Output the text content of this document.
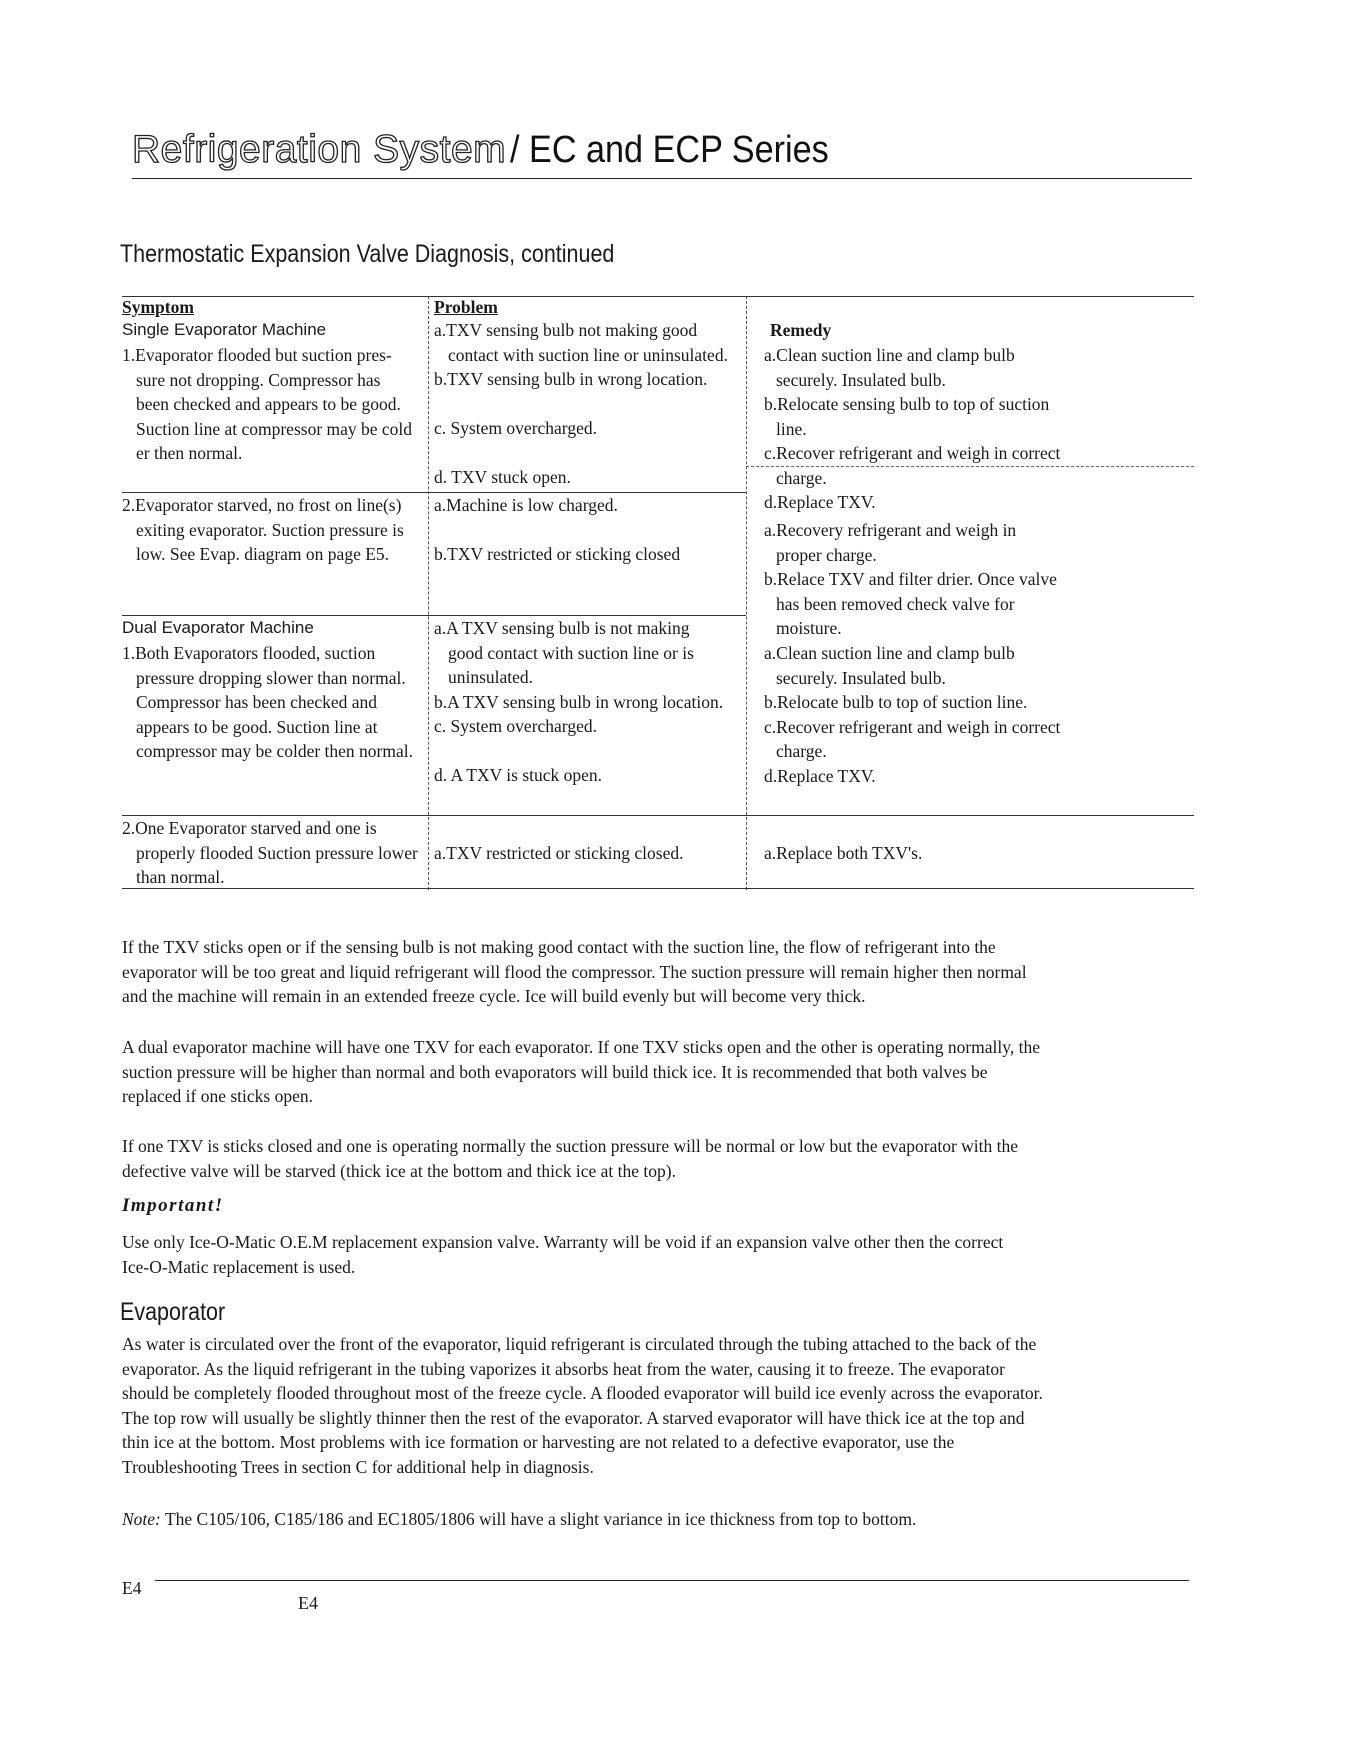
Refrigeration System / EC and ECP Series
Thermostatic Expansion Valve Diagnosis, continued
Symptom	Problem
Remedy
Single Evaporator Machine

1.Evaporator flooded but suction pres-

sure not dropping. Compressor has

been checked and appears to be good.

Suction line at compressor may be cold

er then normal.

2.Evaporator starved, no frost on line(s)

exiting evaporator. Suction pressure is

low. See Evap. diagram on page E5.

Dual Evaporator Machine

1.Both Evaporators flooded, suction

pressure dropping slower than normal.

Compressor has been checked and

appears to be good. Suction line at

compressor may be colder then normal.

2.One Evaporator starved and one is

properly flooded Suction pressure lower

than normal.

a.TXV sensing bulb not making good

contact with suction line or uninsulated.

b.TXV sensing bulb in wrong location.

c. System overcharged.

d. TXV stuck open.

a.Machine is low charged.

b.TXV restricted or sticking closed

a.A TXV sensing bulb is not making

good contact with suction line or is

uninsulated.

b.A TXV sensing bulb in wrong location.

c. System overcharged.

d. A TXV is stuck open.

a.TXV restricted or sticking closed.

a.Clean suction line and clamp bulb

securely. Insulated bulb.

b.Relocate sensing bulb to top of suction

line.

c.Recover refrigerant and weigh in correct

charge.

d.Replace TXV.

a.Recovery refrigerant and weigh in

proper charge.

b.Relace TXV and filter drier. Once valve

has been removed check valve for

moisture.

a.Clean suction line and clamp bulb

securely. Insulated bulb.

b.Relocate bulb to top of suction line.

c.Recover refrigerant and weigh in correct

charge.

d.Replace TXV.

a.Replace both TXV's.

If the TXV sticks open or if the sensing bulb is not making good contact with the suction line, the flow of refrigerant into the

evaporator will be too great and liquid refrigerant will flood the compressor. The suction pressure will remain higher then normal

and the machine will remain in an extended freeze cycle. Ice will build evenly but will become very thick.

A dual evaporator machine will have one TXV for each evaporator. If one TXV sticks open and the other is operating normally, the

suction pressure will be higher than normal and both evaporators will build thick ice. It is recommended that both valves be

replaced if one sticks open.

If one TXV is sticks closed and one is operating normally the suction pressure will be normal or low but the evaporator with the

defective valve will be starved (thick ice at the bottom and thick ice at the top).

Important!

Use only Ice-O-Matic O.E.M replacement expansion valve. Warranty will be void if an expansion valve other then the correct

Ice-O-Matic replacement is used.

Evaporator

As water is circulated over the front of the evaporator, liquid refrigerant is circulated through the tubing attached to the back of the

evaporator. As the liquid refrigerant in the tubing vaporizes it absorbs heat from the water, causing it to freeze. The evaporator

should be completely flooded throughout most of the freeze cycle. A flooded evaporator will build ice evenly across the evaporator.

The top row will usually be slightly thinner then the rest of the evaporator. A starved evaporator will have thick ice at the top and

thin ice at the bottom. Most problems with ice formation or harvesting are not related to a defective evaporator, use the

Troubleshooting Trees in section C for additional help in diagnosis.

Note: The C105/106, C185/186 and EC1805/1806 will have a slight variance in ice thickness from top to bottom.
E4
E4
